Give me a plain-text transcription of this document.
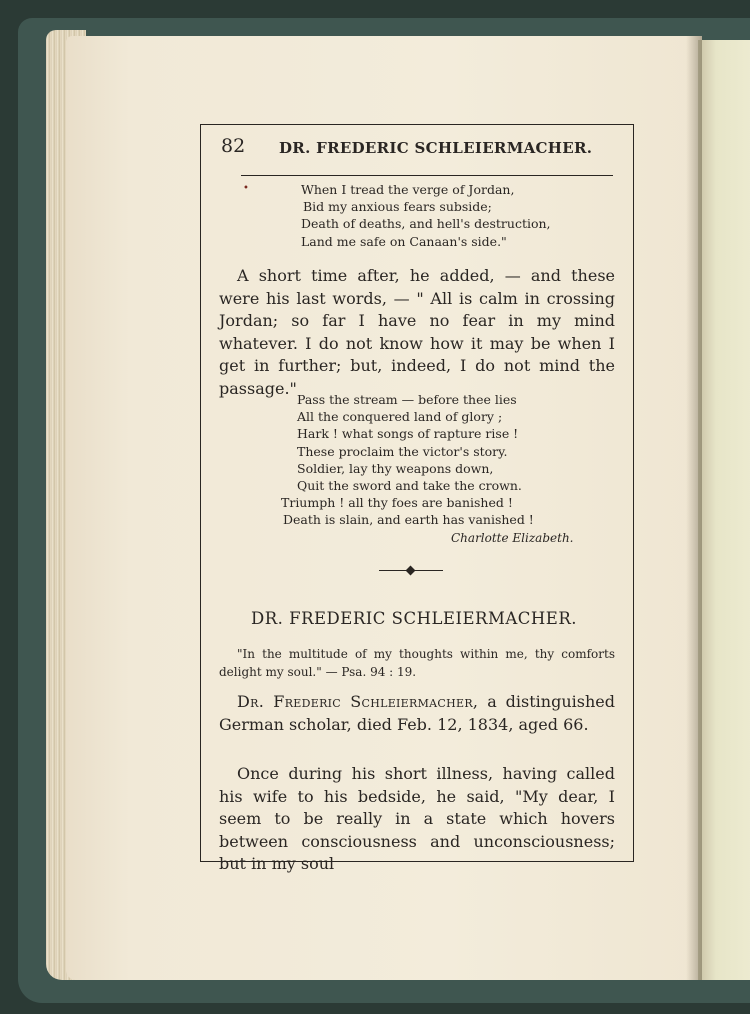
82 DR. FREDERIC SCHLEIERMACHER.
•	When I tread the verge of Jordan,
Bid my anxious fears subside;
Death of deaths, and hell's destruction,
Land me safe on Canaan's side."
A short time after, he added, — and these were his last words, — " All is calm in crossing Jordan; so far I have no fear in my mind whatever. I do not know how it may be when I get in further; but, indeed, I do not mind the passage."
Pass the stream — before thee lies
All the conquered land of glory ;
Hark ! what songs of rapture rise !
These proclaim the victor's story.
Soldier, lay thy weapons down,
Quit the sword and take the crown.
Triumph ! all thy foes are banished !
Death is slain, and earth has vanished !
Charlotte Elizabeth.
DR. FREDERIC SCHLEIERMACHER.
"In the multitude of my thoughts within me, thy comforts delight my soul." — Psa. 94 : 19.
Dr. Frederic Schleiermacher, a distinguished German scholar, died Feb. 12, 1834, aged 66.
Once during his short illness, having called his wife to his bedside, he said, "My dear, I seem to be really in a state which hovers between consciousness and unconsciousness; but in my soul
